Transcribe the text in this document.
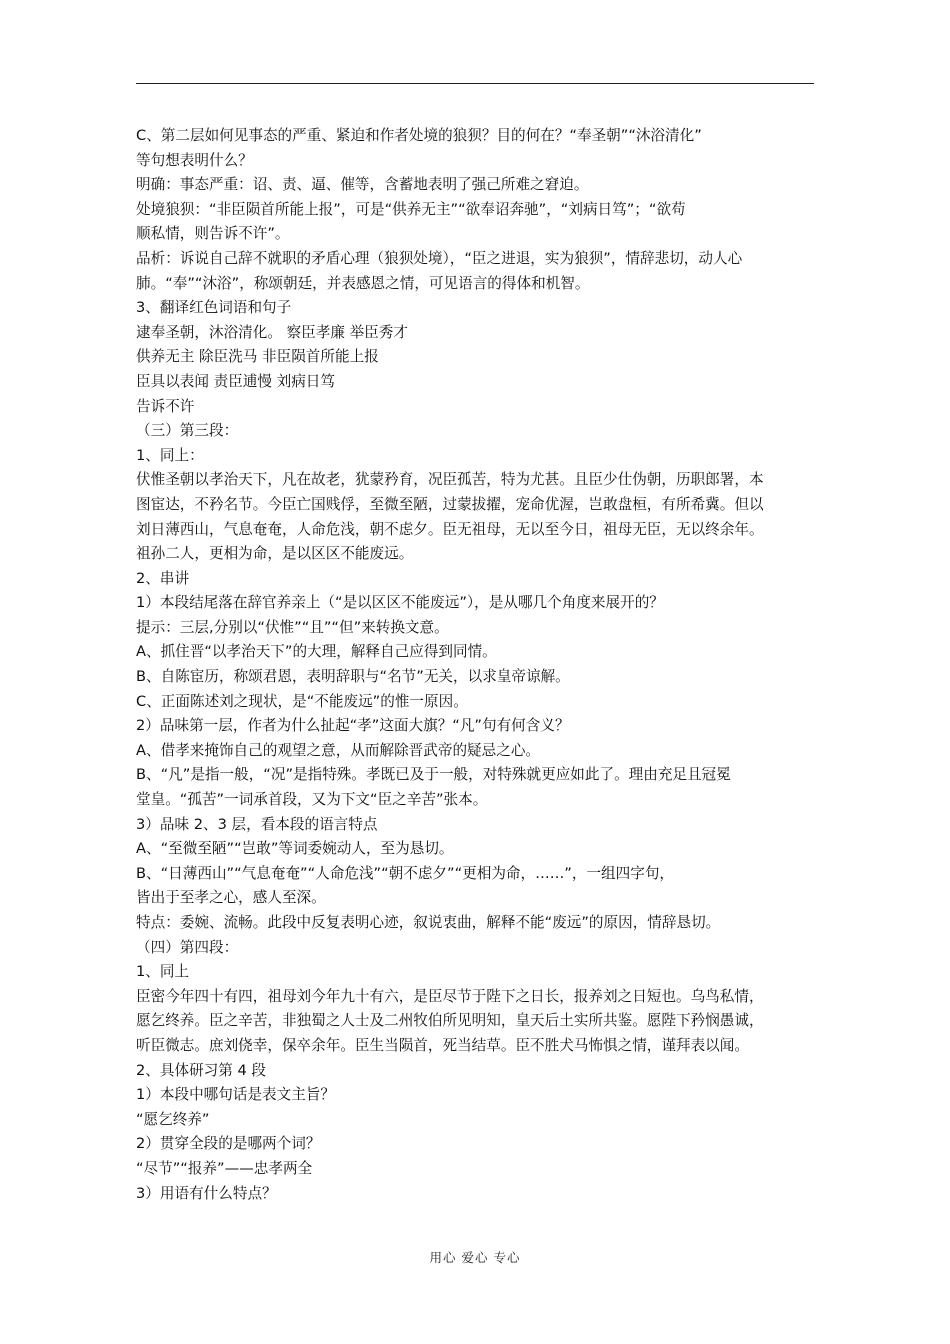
C、第二层如何见事态的严重、紧迫和作者处境的狼狈？目的何在？“奉圣朝”“沐浴清化”
等句想表明什么？
明确：事态严重：诏、责、逼、催等，含蓄地表明了强己所难之窘迫。
处境狼狈：“非臣陨首所能上报”，可是“供养无主”“欲奉诏奔驰”，“刘病日笃”；“欲苟
顺私情，则告诉不许”。
品析：诉说自己辞不就职的矛盾心理（狼狈处境），“臣之进退，实为狼狈”，情辞悲切，动人心
肺。“奉”“沐浴”，称颂朝廷，并表感恩之情，可见语言的得体和机智。
3、翻译红色词语和句子
逮奉圣朝，沐浴清化。 察臣孝廉 举臣秀才
供养无主 除臣洗马 非臣陨首所能上报
臣具以表闻 责臣逋慢 刘病日笃
告诉不许
（三）第三段：
1、同上：
伏惟圣朝以孝治天下，凡在故老，犹蒙矜育，况臣孤苦，特为尤甚。且臣少仕伪朝，历职郎署，本
图宦达，不矜名节。今臣亡国贱俘，至微至陋，过蒙拔擢，宠命优渥，岂敢盘桓，有所希冀。但以
刘日薄西山，气息奄奄，人命危浅，朝不虑夕。臣无祖母，无以至今日，祖母无臣，无以终余年。
祖孙二人，更相为命，是以区区不能废远。
2、串讲
1）本段结尾落在辞官养亲上（“是以区区不能废远”），是从哪几个角度来展开的？
提示：三层,分别以“伏惟”“且”“但”来转换文意。
A、抓住晋“以孝治天下”的大理，解释自己应得到同情。
B、自陈宦历，称颂君恩，表明辞职与“名节”无关，以求皇帝谅解。
C、正面陈述刘之现状，是“不能废远”的惟一原因。
2）品味第一层，作者为什么扯起“孝”这面大旗？“凡”句有何含义？
A、借孝来掩饰自己的观望之意，从而解除晋武帝的疑忌之心。
B、“凡”是指一般，“况”是指特殊。孝既已及于一般，对特殊就更应如此了。理由充足且冠冕
堂皇。“孤苦”一词承首段，又为下文“臣之辛苦”张本。
3）品味 2、3 层，看本段的语言特点
A、“至微至陋”“岂敢”等词委婉动人，至为恳切。
B、“日薄西山”“气息奄奄”“人命危浅”“朝不虑夕”“更相为命，……”，一组四字句，
皆出于至孝之心，感人至深。
特点：委婉、流畅。此段中反复表明心迹，叙说衷曲，解释不能“废远”的原因，情辞恳切。
（四）第四段：
1、同上
臣密今年四十有四，祖母刘今年九十有六，是臣尽节于陛下之日长，报养刘之日短也。乌鸟私情，
愿乞终养。臣之辛苦，非独蜀之人士及二州牧伯所见明知，皇天后土实所共鉴。愿陛下矜悯愚诚，
听臣微志。庶刘侥幸，保卒余年。臣生当陨首，死当结草。臣不胜犬马怖惧之情，谨拜表以闻。
2、具体研习第 4 段
1）本段中哪句话是表文主旨？
“愿乞终养”
2）贯穿全段的是哪两个词？
“尽节”“报养”——忠孝两全
3）用语有什么特点？
用心 爱心 专心
